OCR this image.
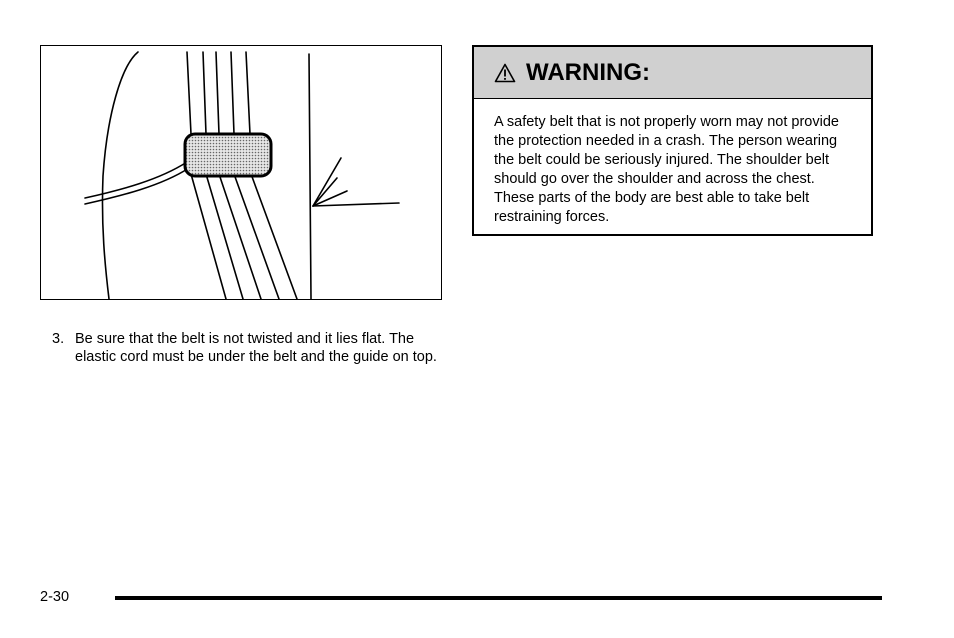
3. Be sure that the belt is not twisted and it lies flat. The elastic cord must be under the belt and the guide on top.
WARNING:
A safety belt that is not properly worn may not provide the protection needed in a crash. The person wearing the belt could be seriously injured. The shoulder belt should go over the shoulder and across the chest. These parts of the body are best able to take belt restraining forces.
2-30
